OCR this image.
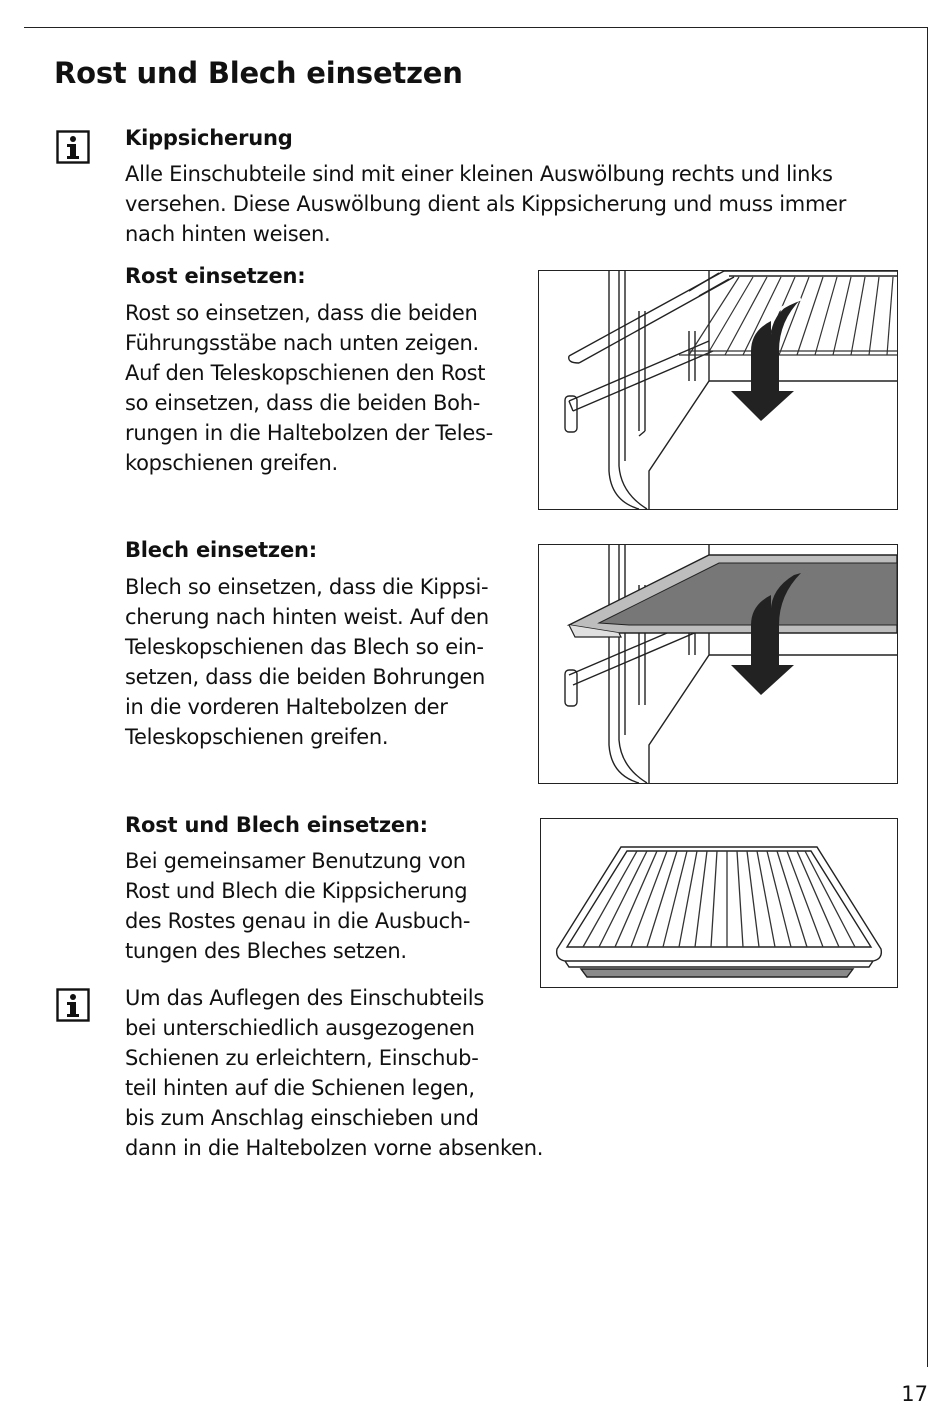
Rost und Blech einsetzen
Kippsicherung

Alle Einschubteile sind mit einer kleinen Auswölbung rechts und links
versehen. Diese Auswölbung dient als Kippsicherung und muss immer
nach hinten weisen.

Rost einsetzen:

Rost so einsetzen, dass die beiden
Führungsstäbe nach unten zeigen.
Auf den Teleskopschienen den Rost
so einsetzen, dass die beiden Boh-
rungen in die Haltebolzen der Teles-
kopschienen greifen.

Blech einsetzen:

Blech so einsetzen, dass die Kippsi-
cherung nach hinten weist. Auf den
Teleskopschienen das Blech so ein-
setzen, dass die beiden Bohrungen
in die vorderen Haltebolzen der
Teleskopschienen greifen.

Rost und Blech einsetzen:

Bei gemeinsamer Benutzung von
Rost und Blech die Kippsicherung
des Rostes genau in die Ausbuch-
tungen des Bleches setzen.

Um das Auflegen des Einschubteils
bei unterschiedlich ausgezogenen
Schienen zu erleichtern, Einschub-
teil hinten auf die Schienen legen,
bis zum Anschlag einschieben und
dann in die Haltebolzen vorne absenken.

17
